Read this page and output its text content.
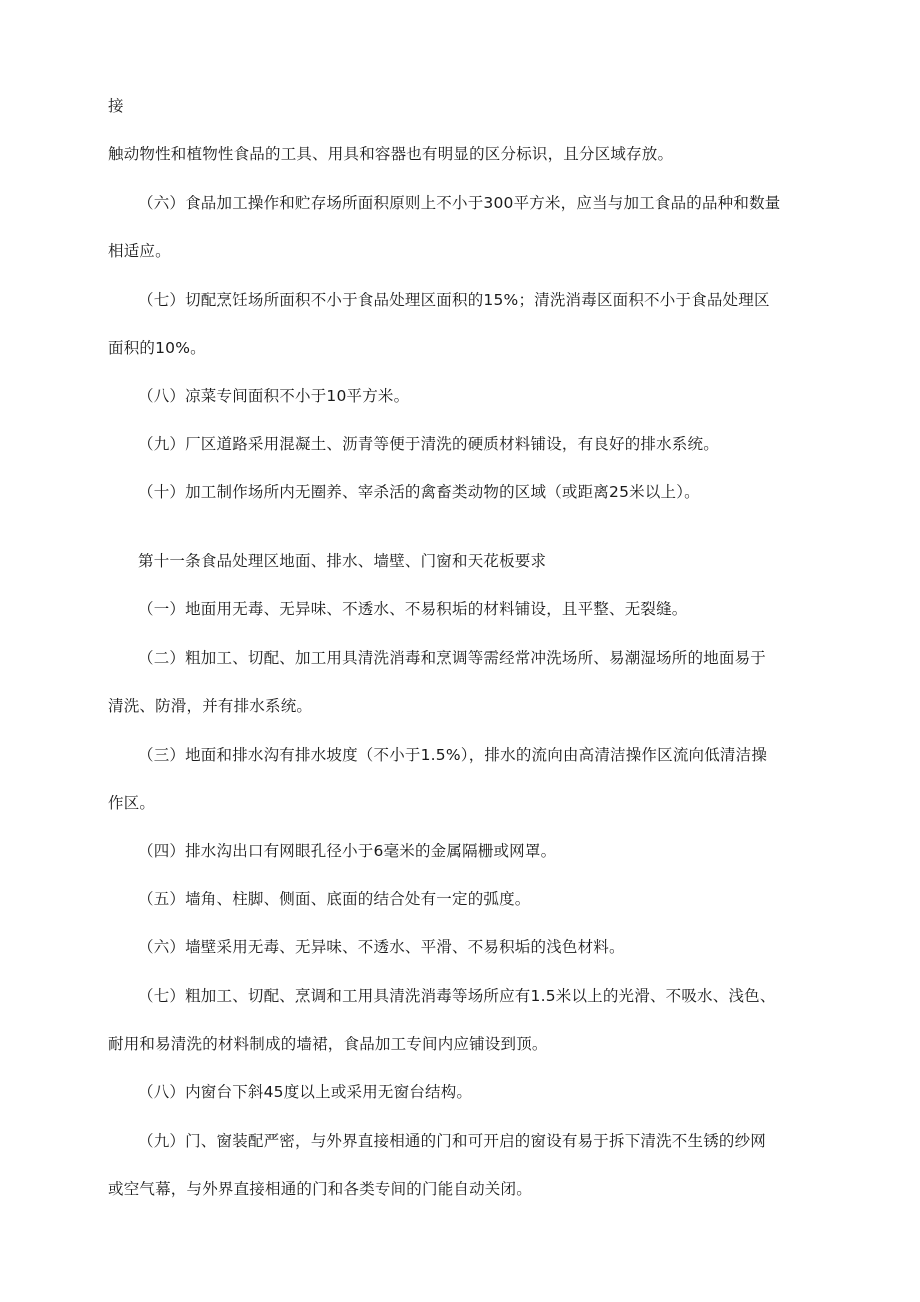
接
触动物性和植物性食品的工具、用具和容器也有明显的区分标识，且分区域存放。
（六）食品加工操作和贮存场所面积原则上不小于300平方米，应当与加工食品的品种和数量
相适应。
（七）切配烹饪场所面积不小于食品处理区面积的15%；清洗消毒区面积不小于食品处理区
面积的10%。
（八）凉菜专间面积不小于10平方米。
（九）厂区道路采用混凝土、沥青等便于清洗的硬质材料铺设，有良好的排水系统。
（十）加工制作场所内无圈养、宰杀活的禽畜类动物的区域（或距离25米以上）。
第十一条食品处理区地面、排水、墙壁、门窗和天花板要求
（一）地面用无毒、无异味、不透水、不易积垢的材料铺设，且平整、无裂缝。
（二）粗加工、切配、加工用具清洗消毒和烹调等需经常冲洗场所、易潮湿场所的地面易于
清洗、防滑，并有排水系统。
（三）地面和排水沟有排水坡度（不小于1.5%），排水的流向由高清洁操作区流向低清洁操
作区。
（四）排水沟出口有网眼孔径小于6毫米的金属隔栅或网罩。
（五）墙角、柱脚、侧面、底面的结合处有一定的弧度。
（六）墙壁采用无毒、无异味、不透水、平滑、不易积垢的浅色材料。
（七）粗加工、切配、烹调和工用具清洗消毒等场所应有1.5米以上的光滑、不吸水、浅色、
耐用和易清洗的材料制成的墙裙，食品加工专间内应铺设到顶。
（八）内窗台下斜45度以上或采用无窗台结构。
（九）门、窗装配严密，与外界直接相通的门和可开启的窗设有易于拆下清洗不生锈的纱网
或空气幕，与外界直接相通的门和各类专间的门能自动关闭。
